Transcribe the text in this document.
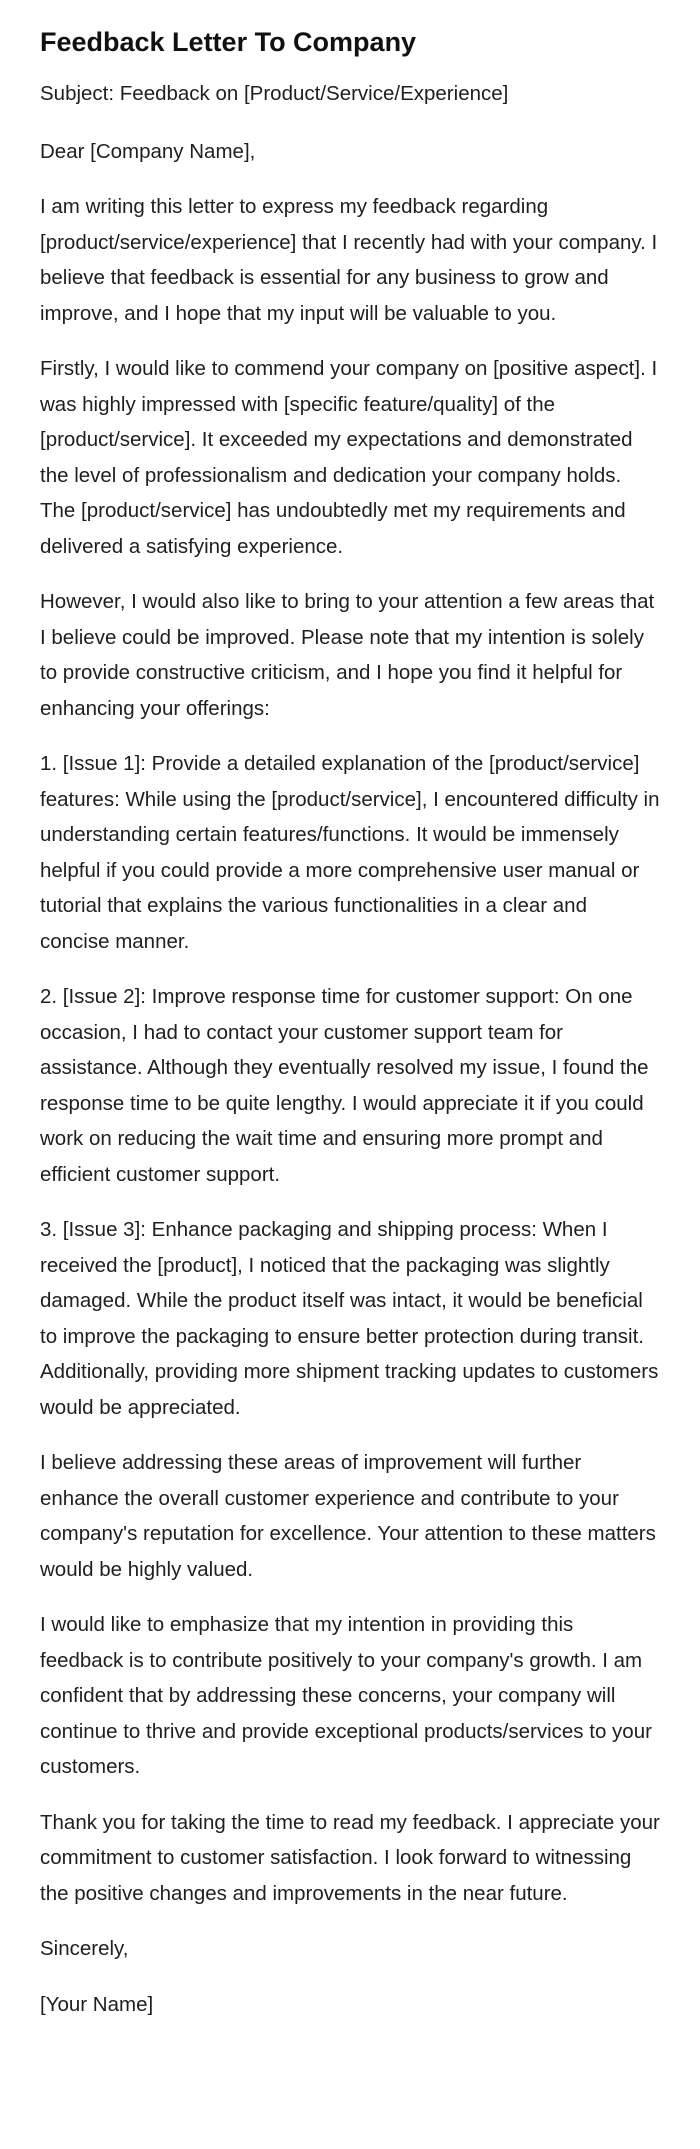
Feedback Letter To Company

Subject: Feedback on [Product/Service/Experience]

Dear [Company Name],

I am writing this letter to express my feedback regarding [product/service/experience] that I recently had with your company. I believe that feedback is essential for any business to grow and improve, and I hope that my input will be valuable to you.

Firstly, I would like to commend your company on [positive aspect]. I was highly impressed with [specific feature/quality] of the [product/service]. It exceeded my expectations and demonstrated the level of professionalism and dedication your company holds. The [product/service] has undoubtedly met my requirements and delivered a satisfying experience.

However, I would also like to bring to your attention a few areas that I believe could be improved. Please note that my intention is solely to provide constructive criticism, and I hope you find it helpful for enhancing your offerings:

1. [Issue 1]: Provide a detailed explanation of the [product/service] features: While using the [product/service], I encountered difficulty in understanding certain features/functions. It would be immensely helpful if you could provide a more comprehensive user manual or tutorial that explains the various functionalities in a clear and concise manner.

2. [Issue 2]: Improve response time for customer support: On one occasion, I had to contact your customer support team for assistance. Although they eventually resolved my issue, I found the response time to be quite lengthy. I would appreciate it if you could work on reducing the wait time and ensuring more prompt and efficient customer support.

3. [Issue 3]: Enhance packaging and shipping process: When I received the [product], I noticed that the packaging was slightly damaged. While the product itself was intact, it would be beneficial to improve the packaging to ensure better protection during transit. Additionally, providing more shipment tracking updates to customers would be appreciated.

I believe addressing these areas of improvement will further enhance the overall customer experience and contribute to your company's reputation for excellence. Your attention to these matters would be highly valued.

I would like to emphasize that my intention in providing this feedback is to contribute positively to your company's growth. I am confident that by addressing these concerns, your company will continue to thrive and provide exceptional products/services to your customers.

Thank you for taking the time to read my feedback. I appreciate your commitment to customer satisfaction. I look forward to witnessing the positive changes and improvements in the near future.

Sincerely,

[Your Name]
